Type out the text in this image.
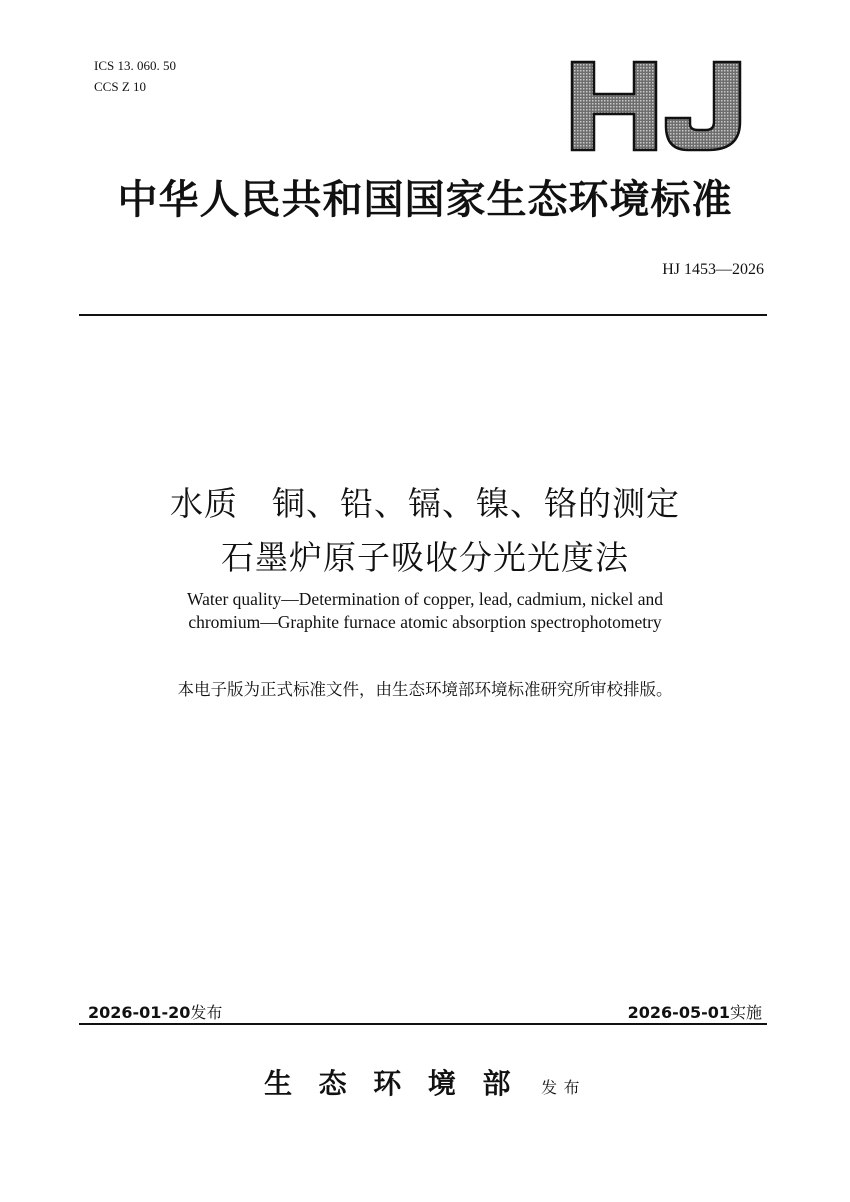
ICS 13. 060. 50
CCS Z 10
中华人民共和国国家生态环境标准
HJ 1453—2026
水质　铜、铅、镉、镍、铬的测定
石墨炉原子吸收分光光度法
Water quality—Determination of copper, lead, cadmium, nickel and
chromium—Graphite furnace atomic absorption spectrophotometry
本电子版为正式标准文件，由生态环境部环境标准研究所审校排版。
2026-01-20发布	2026-05-01实施
生态环境部 发布
